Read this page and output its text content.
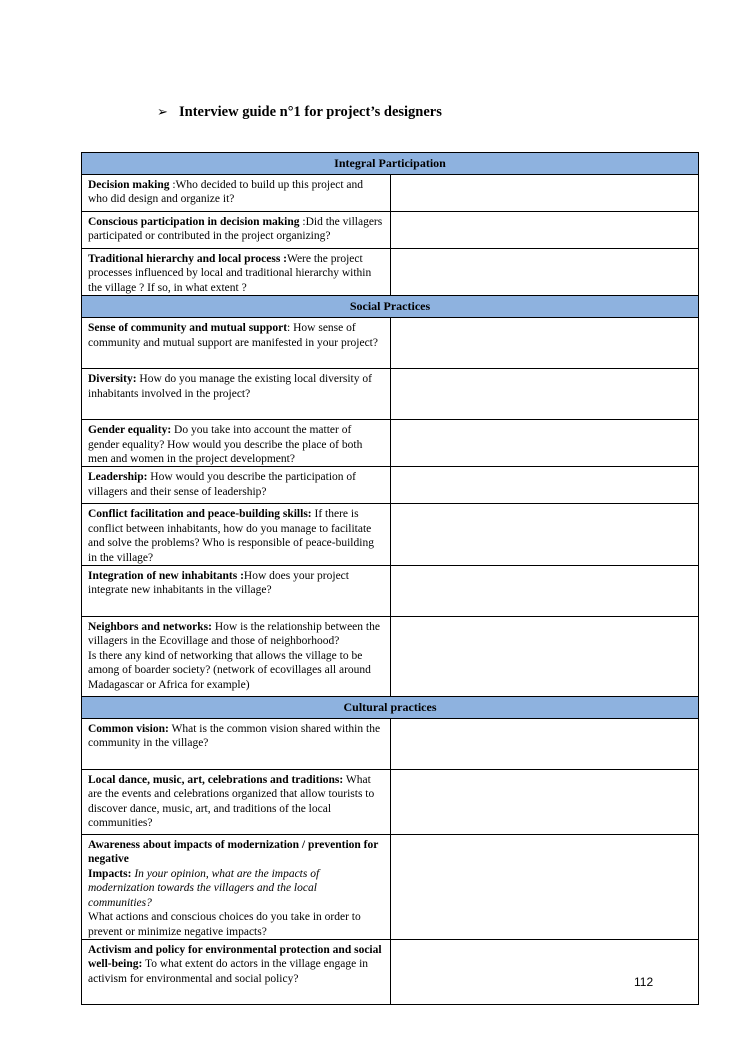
➢ Interview guide n°1 for project’s designers
Integral Participation	
Decision making :Who decided to build up this project and who did design and organize it?	
Conscious participation in decision making :Did the villagers participated or contributed in the project organizing?	
Traditional hierarchy and local process :Were the project processes influenced by local and traditional hierarchy within the village ? If so, in what extent ?	
Social Practices	
Sense of community and mutual support: How sense of community and mutual support are manifested in your project?	
Diversity: How do you manage the existing local diversity of inhabitants involved in the project?	
Gender equality: Do you take into account the matter of gender equality? How would you describe the place of both men and women in the project development?	
Leadership: How would you describe the participation of villagers and their sense of leadership?	
Conflict facilitation and peace-building skills: If there is conflict between inhabitants, how do you manage to facilitate and solve the problems? Who is responsible of peace-building in the village?	
Integration of new inhabitants :How does your project integrate new inhabitants in the village?	
Neighbors and networks: How is the relationship between the villagers in the Ecovillage and those of neighborhood?
Is there any kind of networking that allows the village to be among of boarder society? (network of ecovillages all around Madagascar or Africa for example)	
Cultural practices	
Common vision: What is the common vision shared within the community in the village?	
Local dance, music, art, celebrations and traditions: What are the events and celebrations organized that allow tourists to discover dance, music, art, and traditions of the local communities?	
Awareness about impacts of modernization / prevention for negative
Impacts: In your opinion, what are the impacts of modernization towards the villagers and the local communities?
What actions and conscious choices do you take in order to prevent or minimize negative impacts?	
Activism and policy for environmental protection and social well-being: To what extent do actors in the village engage in
activism for environmental and social policy?		112
